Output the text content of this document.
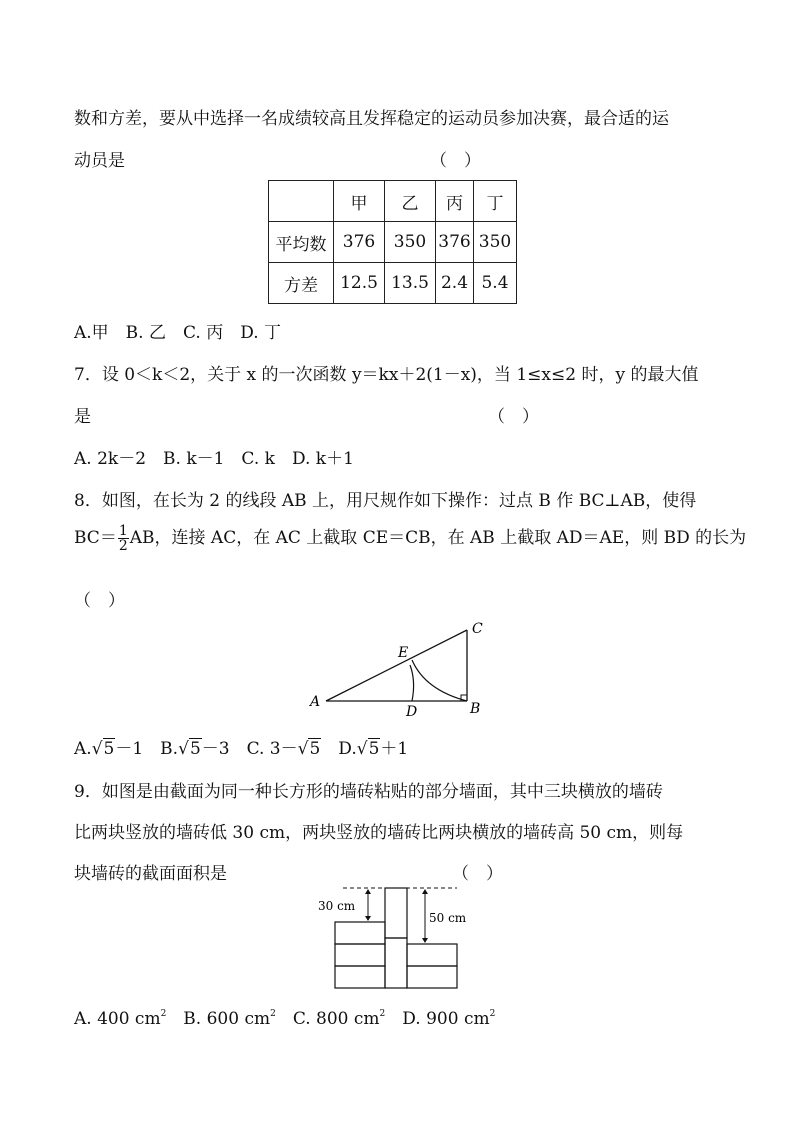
数和方差，要从中选择一名成绩较高且发挥稳定的运动员参加决赛，最合适的运
动员是	（　）
	甲	乙	丙	丁
平均数	376	350	376	350
方差	12.5	13.5	2.4	5.4
A.甲　B. 乙　C. 丙　D. 丁
7．设 0＜k＜2，关于 x 的一次函数 y＝kx＋2(1－x)，当 1≤x≤2 时，y 的最大值
是	（　）
A. 2k－2　B. k－1　C. k　D. k＋1
8．如图，在长为 2 的线段 AB 上，用尺规作如下操作：过点 B 作 BC⊥AB，使得
$BC= \frac{1}{2}$ AB，连接 AC，在 AC 上截取 CE＝CB，在 AB 上截取 AD＝AE，则 BD 的长为
（　）
A	B
C
D
E
A.√5－1　B.√5－3　C. 3－√5　D.√5＋1
9．如图是由截面为同一种长方形的墙砖粘贴的部分墙面，其中三块横放的墙砖
比两块竖放的墙砖低 30 cm，两块竖放的墙砖比两块横放的墙砖高 50 cm，则每
块墙砖的截面面积是	（　）
30 cm
50 cm
A. 400 $cm^2$　B. 600 $cm^2$　C. 800 $cm^2$　D. 900 $cm^2$
